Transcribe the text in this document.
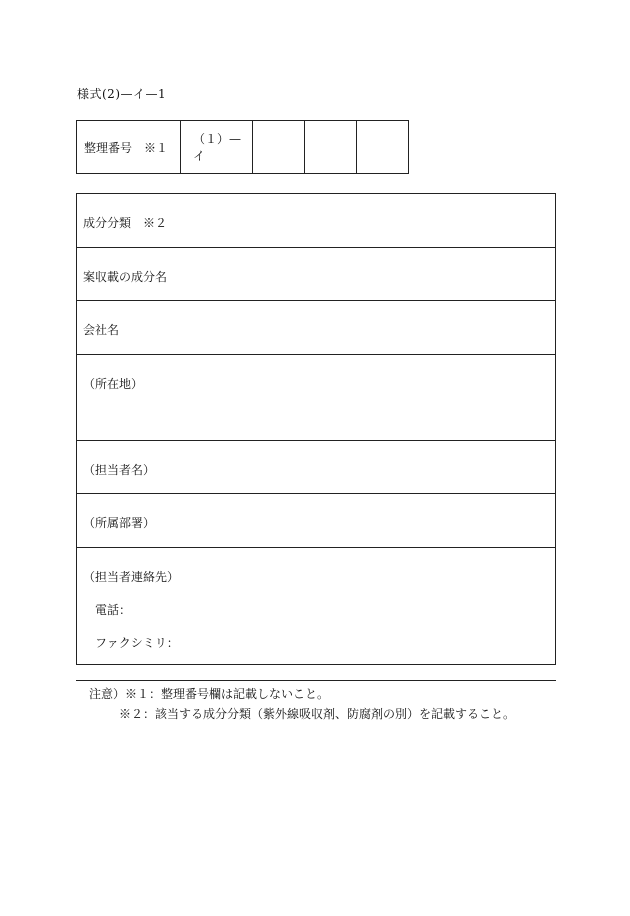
様式(2)—イ—1
整理番号　※１	（１）—イ			
成分分類　※２
案収載の成分名
会社名
（所在地）
（担当者名）
（所属部署）
（担当者連絡先）
電話：
ファクシミリ：
注意）※１：整理番号欄は記載しないこと。
※２：該当する成分分類（紫外線吸収剤、防腐剤の別）を記載すること。
